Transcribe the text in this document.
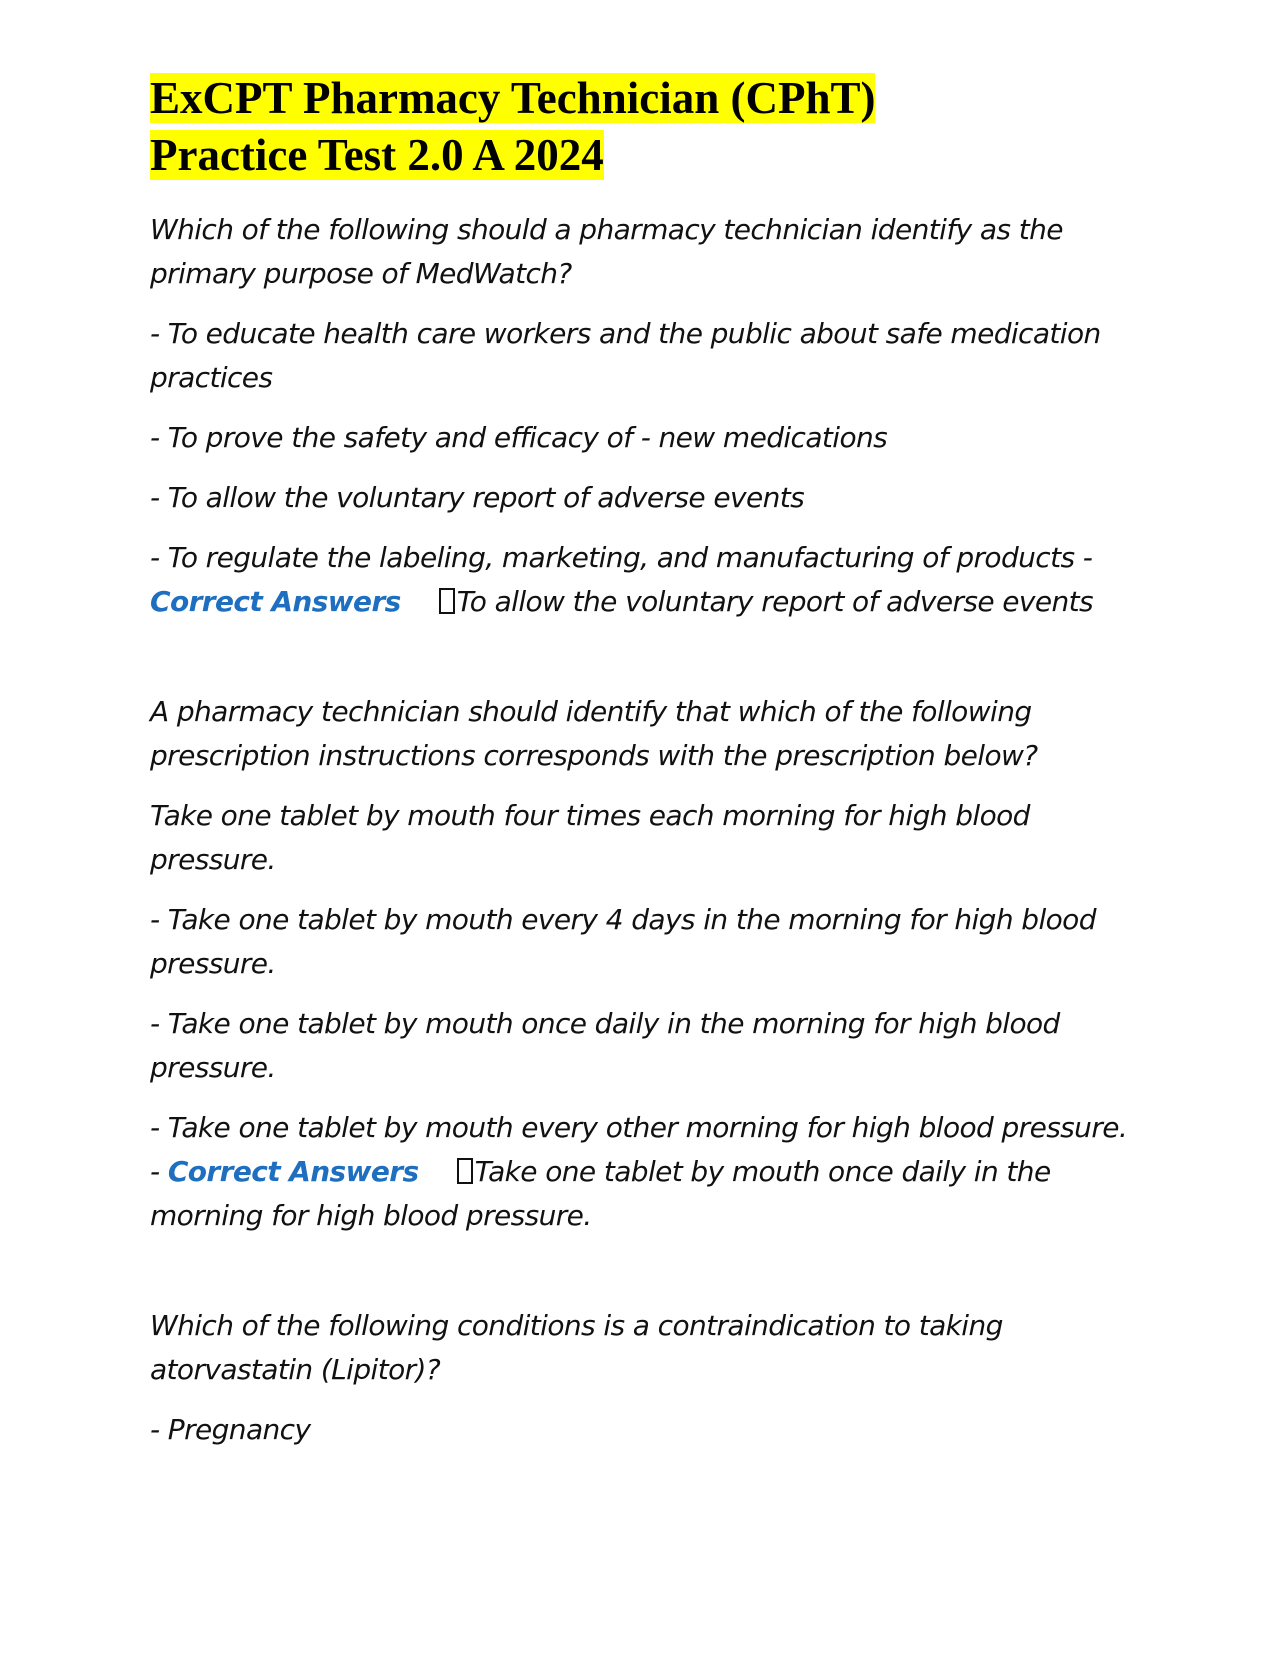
ExCPT Pharmacy Technician (CPhT)
Practice Test 2.0 A 2024

Which of the following should a pharmacy technician identify as the primary purpose of MedWatch?

- To educate health care workers and the public about safe medication practices

- To prove the safety and efficacy of - new medications

- To allow the voluntary report of adverse events

- To regulate the labeling, marketing, and manufacturing of products - Correct Answers To allow the voluntary report of adverse events

A pharmacy technician should identify that which of the following prescription instructions corresponds with the prescription below?

Take one tablet by mouth four times each morning for high blood pressure.

- Take one tablet by mouth every 4 days in the morning for high blood pressure.

- Take one tablet by mouth once daily in the morning for high blood pressure.

- Take one tablet by mouth every other morning for high blood pressure. - Correct Answers Take one tablet by mouth once daily in the morning for high blood pressure.

Which of the following conditions is a contraindication to taking atorvastatin (Lipitor)?

- Pregnancy
